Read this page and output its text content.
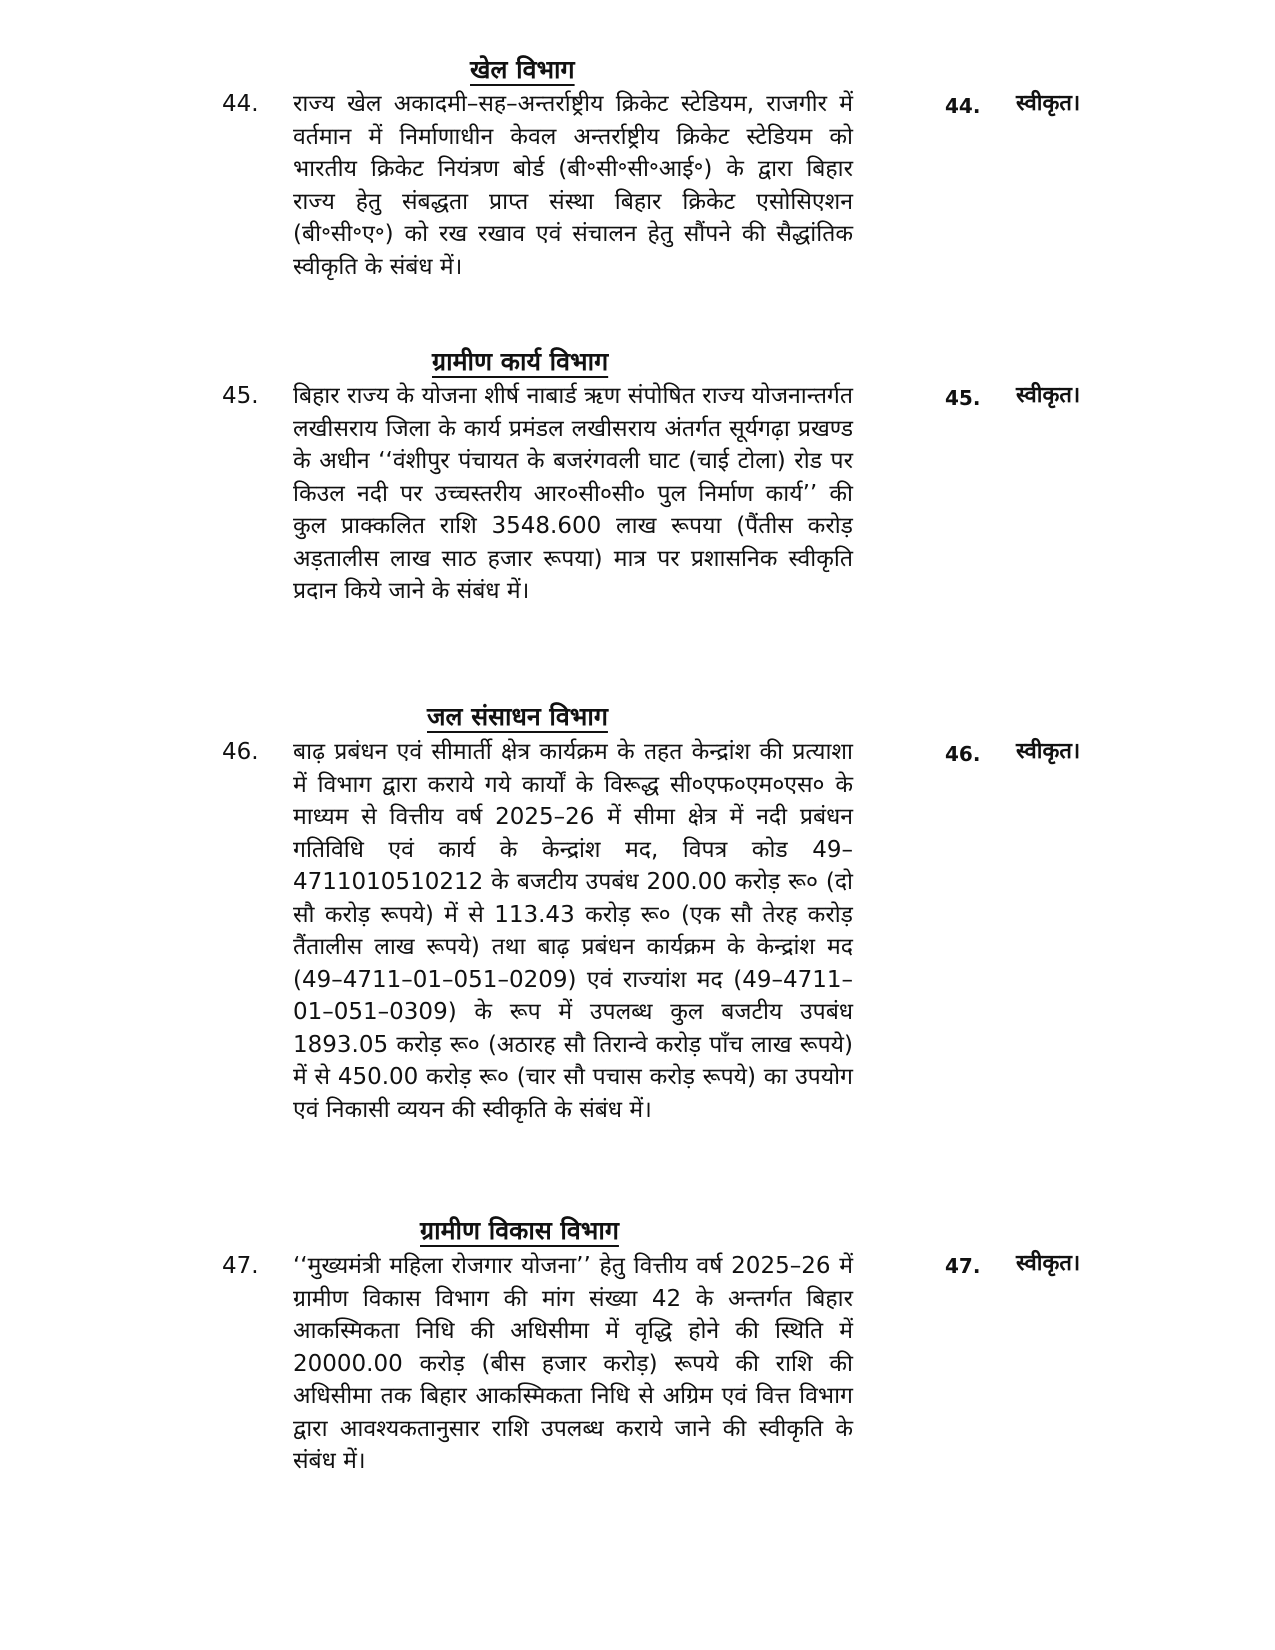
खेल विभाग
44. राज्य खेल अकादमी–सह–अन्तर्राष्ट्रीय क्रिकेट स्टेडियम, राजगीर में वर्तमान में निर्माणाधीन केवल अन्तर्राष्ट्रीय क्रिकेट स्टेडियम को भारतीय क्रिकेट नियंत्रण बोर्ड (बी॰सी॰सी॰आई॰) के द्वारा बिहार राज्य हेतु संबद्धता प्राप्त संस्था बिहार क्रिकेट एसोसिएशन (बी॰सी॰ए॰) को रख रखाव एवं संचालन हेतु सौंपने की सैद्धांतिक स्वीकृति के संबंध में।
44. स्वीकृत।
ग्रामीण कार्य विभाग
45. बिहार राज्य के योजना शीर्ष नाबार्ड ऋण संपोषित राज्य योजनान्तर्गत लखीसराय जिला के कार्य प्रमंडल लखीसराय अंतर्गत सूर्यगढ़ा प्रखण्ड के अधीन ‘‘वंशीपुर पंचायत के बजरंगवली घाट (चाई टोला) रोड पर किउल नदी पर उच्चस्तरीय आर०सी०सी० पुल निर्माण कार्य’’ की कुल प्राक्कलित राशि 3548.600 लाख रूपया (पैंतीस करोड़ अड़तालीस लाख साठ हजार रूपया) मात्र पर प्रशासनिक स्वीकृति प्रदान किये जाने के संबंध में।
45. स्वीकृत।
जल संसाधन विभाग
46. बाढ़ प्रबंधन एवं सीमार्ती क्षेत्र कार्यक्रम के तहत केन्द्रांश की प्रत्याशा में विभाग द्वारा कराये गये कार्यों के विरूद्ध सी०एफ०एम०एस० के माध्यम से वित्तीय वर्ष 2025–26 में सीमा क्षेत्र में नदी प्रबंधन गतिविधि एवं कार्य के केन्द्रांश मद, विपत्र कोड 49–4711010510212 के बजटीय उपबंध 200.00 करोड़ रू० (दो सौ करोड़ रूपये) में से 113.43 करोड़ रू० (एक सौ तेरह करोड़ तैंतालीस लाख रूपये) तथा बाढ़ प्रबंधन कार्यक्रम के केन्द्रांश मद (49–4711–01–051–0209) एवं राज्यांश मद (49–4711–01–051–0309) के रूप में उपलब्ध कुल बजटीय उपबंध 1893.05 करोड़ रू० (अठारह सौ तिरान्वे करोड़ पाँच लाख रूपये) में से 450.00 करोड़ रू० (चार सौ पचास करोड़ रूपये) का उपयोग एवं निकासी व्ययन की स्वीकृति के संबंध में।
46. स्वीकृत।
ग्रामीण विकास विभाग
47. ‘‘मुख्यमंत्री महिला रोजगार योजना’’ हेतु वित्तीय वर्ष 2025–26 में ग्रामीण विकास विभाग की मांग संख्या 42 के अन्तर्गत बिहार आकस्मिकता निधि की अधिसीमा में वृद्धि होने की स्थिति में 20000.00 करोड़ (बीस हजार करोड़) रूपये की राशि की अधिसीमा तक बिहार आकस्मिकता निधि से अग्रिम एवं वित्त विभाग द्वारा आवश्यकतानुसार राशि उपलब्ध कराये जाने की स्वीकृति के संबंध में।
47. स्वीकृत।
